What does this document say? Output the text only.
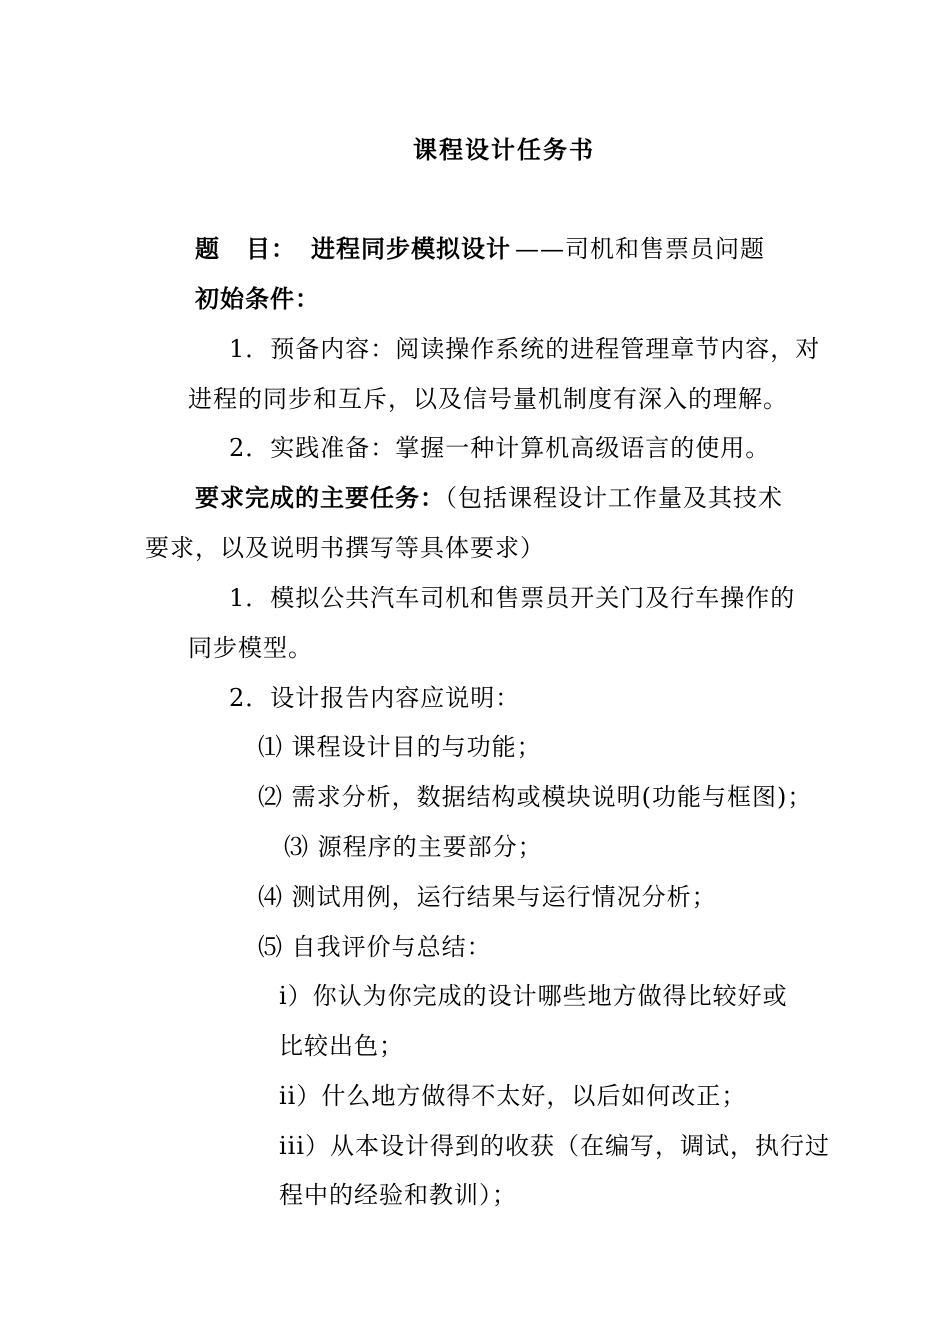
课程设计任务书
题 目： 进程同步模拟设计 ——司机和售票员问题
初始条件：
1．预备内容：阅读操作系统的进程管理章节内容，对
进程的同步和互斥，以及信号量机制度有深入的理解。
2．实践准备：掌握一种计算机高级语言的使用。
要求完成的主要任务：（包括课程设计工作量及其技术
要求，以及说明书撰写等具体要求）
1．模拟公共汽车司机和售票员开关门及行车操作的
同步模型。
2．设计报告内容应说明：
⑴ 课程设计目的与功能；
⑵ 需求分析，数据结构或模块说明(功能与框图)；
⑶ 源程序的主要部分；
⑷ 测试用例，运行结果与运行情况分析；
⑸ 自我评价与总结：
i）你认为你完成的设计哪些地方做得比较好或
比较出色；
ii）什么地方做得不太好，以后如何改正；
iii）从本设计得到的收获（在编写，调试，执行过
程中的经验和教训）；
